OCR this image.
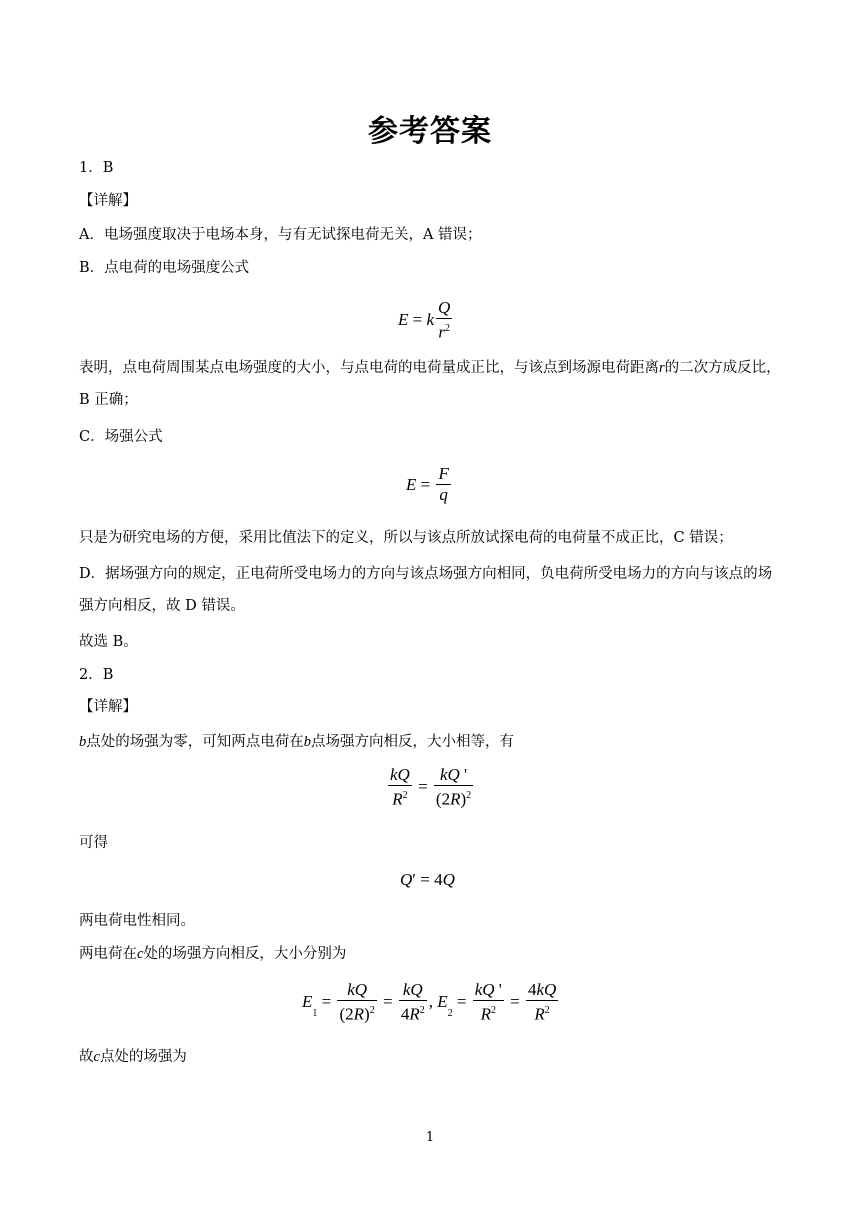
参考答案
1．B
【详解】
A．电场强度取决于电场本身，与有无试探电荷无关，A 错误；
B．点电荷的电场强度公式
E = k $\frac{Q}{r^2}$
表明，点电荷周围某点电场强度的大小，与点电荷的电荷量成正比，与该点到场源电荷距离r的二次方成反比，B 正确；
C．场强公式
$E = \frac{F}{q}$
只是为研究电场的方便，采用比值法下的定义，所以与该点所放试探电荷的电荷量不成正比，C 错误；
D．据场强方向的规定，正电荷所受电场力的方向与该点场强方向相同，负电荷所受电场力的方向与该点的场强方向相反，故 D 错误。
故选 B。
2．B
【详解】
b点处的场强为零，可知两点电荷在b点场强方向相反，大小相等，有
$\frac{kQ}{R^2} = \frac{kQ '}{(2R)^2}$
可得
Q′ = 4Q
两电荷电性相同。
两电荷在c处的场强方向相反，大小分别为
$E_1 = \frac{kQ}{(2R)^2} = \frac{kQ}{4R^2}$ , $E_2 = \frac{kQ '}{R^2} = \frac{4kQ}{R^2}$
故c点处的场强为
1
